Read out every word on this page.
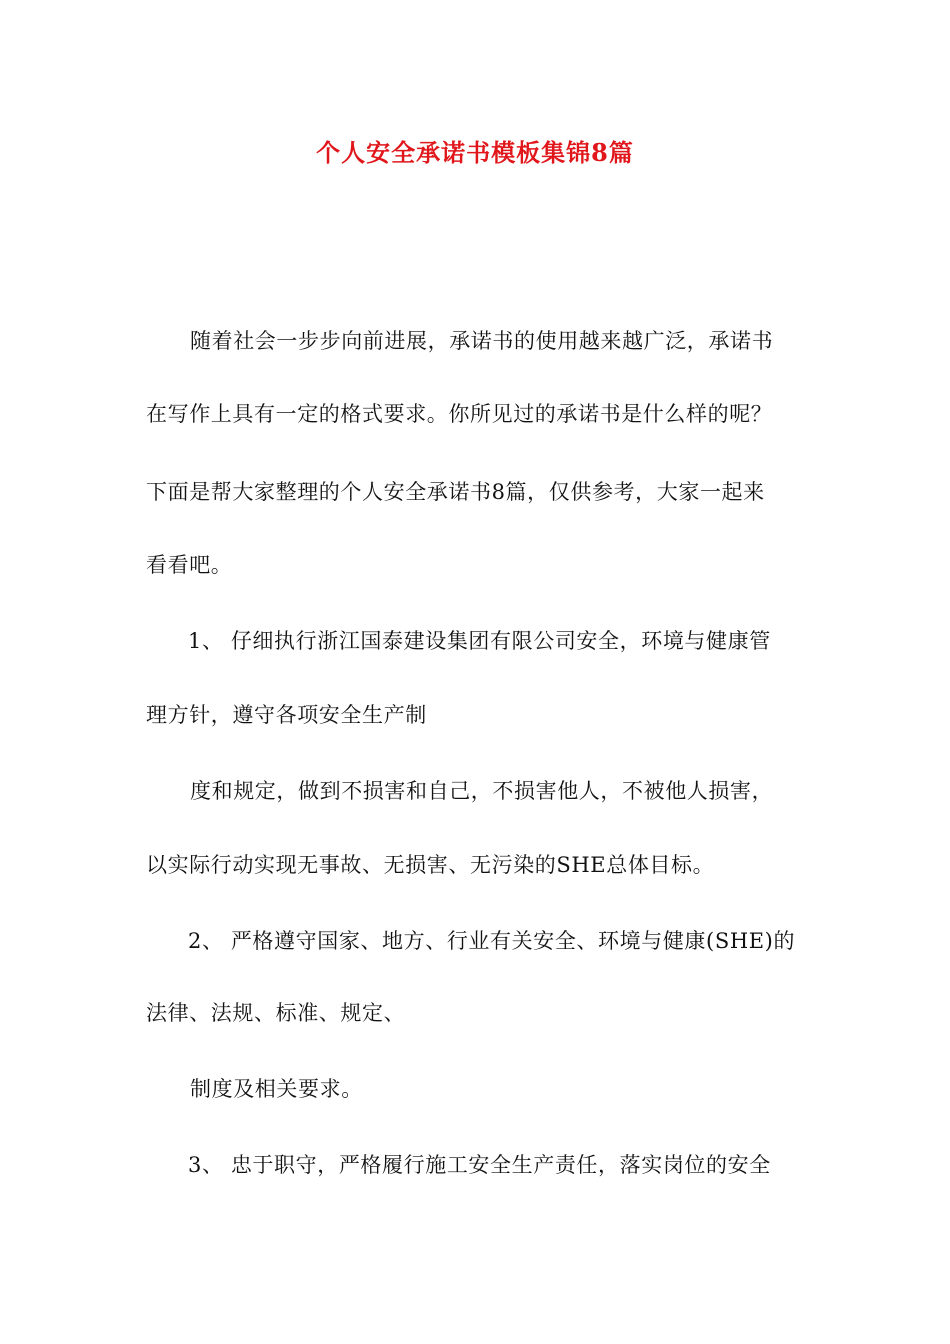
个人安全承诺书模板集锦8篇
随着社会一步步向前进展，承诺书的使用越来越广泛，承诺书
在写作上具有一定的格式要求。你所见过的承诺书是什么样的呢？
下面是帮大家整理的个人安全承诺书8篇，仅供参考，大家一起来
看看吧。
1、 仔细执行浙江国泰建设集团有限公司安全，环境与健康管
理方针，遵守各项安全生产制
度和规定，做到不损害和自己，不损害他人，不被他人损害，
以实际行动实现无事故、无损害、无污染的SHE总体目标。
2、 严格遵守国家、地方、行业有关安全、环境与健康(SHE)的
法律、法规、标准、规定、
制度及相关要求。
3、 忠于职守，严格履行施工安全生产责任，落实岗位的安全
